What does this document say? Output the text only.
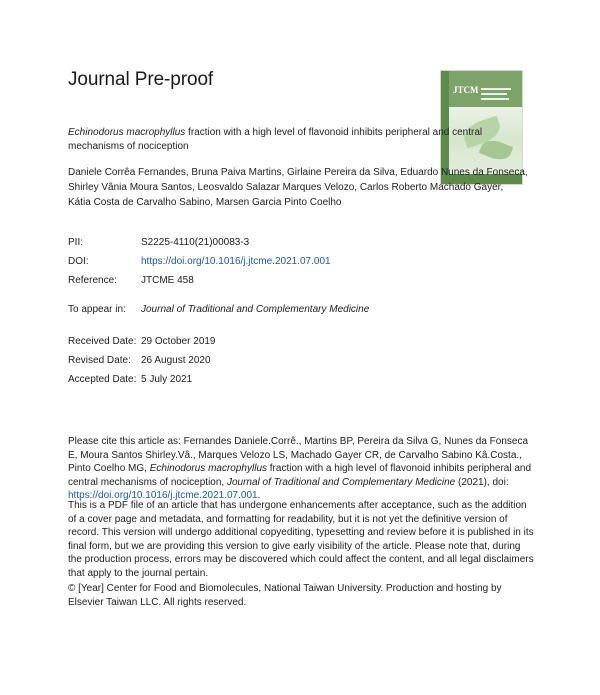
Journal Pre-proof	JTCM
Echinodorus macrophyllus fraction with a high level of flavonoid inhibits peripheral and central mechanisms of nociception
Daniele Corrêa Fernandes, Bruna Paiva Martins, Girlaine Pereira da Silva, Eduardo Nunes da Fonseca, Shirley Vânia Moura Santos, Leosvaldo Salazar Marques Velozo, Carlos Roberto Machado Gayer, Kátia Costa de Carvalho Sabino, Marsen Garcia Pinto Coelho
PII:	S2225-4110(21)00083-3
DOI:	https://doi.org/10.1016/j.jtcme.2021.07.001
Reference: JTCME 458
To appear in: Journal of Traditional and Complementary Medicine
Received Date: 29 October 2019
Revised Date: 26 August 2020
Accepted Date: 5 July 2021
Please cite this article as: Fernandes Daniele.Corrê., Martins BP, Pereira da Silva G, Nunes da Fonseca E, Moura Santos Shirley.Vâ., Marques Velozo LS, Machado Gayer CR, de Carvalho Sabino Kâ.Costa., Pinto Coelho MG, Echinodorus macrophyllus fraction with a high level of flavonoid inhibits peripheral and central mechanisms of nociception, Journal of Traditional and Complementary Medicine (2021), doi: https://doi.org/10.1016/j.jtcme.2021.07.001.
This is a PDF file of an article that has undergone enhancements after acceptance, such as the addition of a cover page and metadata, and formatting for readability, but it is not yet the definitive version of record. This version will undergo additional copyediting, typesetting and review before it is published in its final form, but we are providing this version to give early visibility of the article. Please note that, during the production process, errors may be discovered which could affect the content, and all legal disclaimers that apply to the journal pertain.
© [Year] Center for Food and Biomolecules, National Taiwan University. Production and hosting by Elsevier Taiwan LLC. All rights reserved.
